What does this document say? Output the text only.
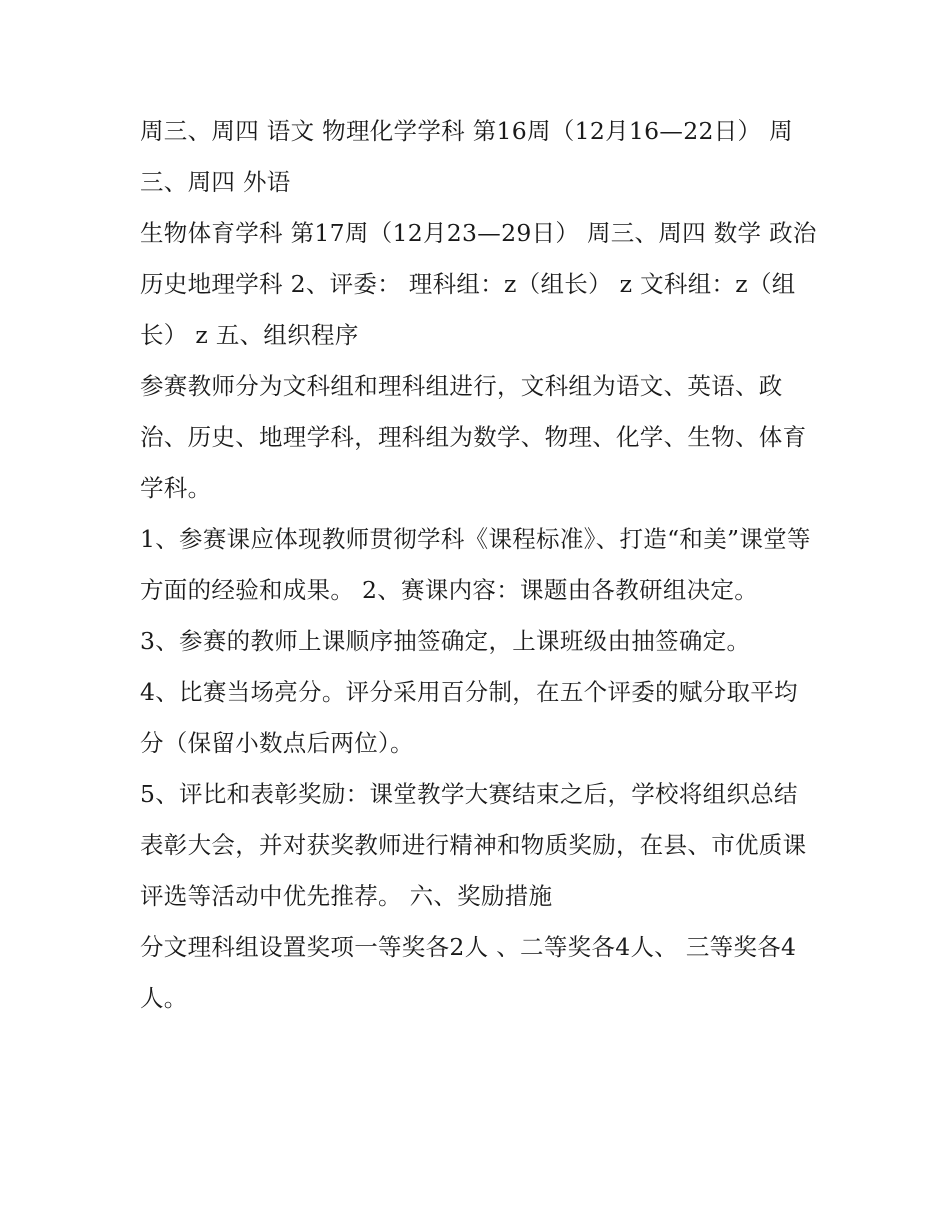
周三、周四 语文 物理化学学科 第16周（12月16—22日） 周三、周四 外语

生物体育学科 第17周（12月23—29日） 周三、周四 数学 政治历史地理学科 2、评委： 理科组：z（组长） z 文科组：z（组长） z 五、组织程序

参赛教师分为文科组和理科组进行，文科组为语文、英语、政治、历史、地理学科，理科组为数学、物理、化学、生物、体育学科。

1、参赛课应体现教师贯彻学科《课程标准》、打造“和美”课堂等方面的经验和成果。 2、赛课内容：课题由各教研组决定。

3、参赛的教师上课顺序抽签确定，上课班级由抽签确定。

4、比赛当场亮分。评分采用百分制，在五个评委的赋分取平均分（保留小数点后两位）。

5、评比和表彰奖励：课堂教学大赛结束之后，学校将组织总结表彰大会，并对获奖教师进行精神和物质奖励，在县、市优质课评选等活动中优先推荐。 六、奖励措施

分文理科组设置奖项一等奖各2人 、二等奖各4人、 三等奖各4人。
